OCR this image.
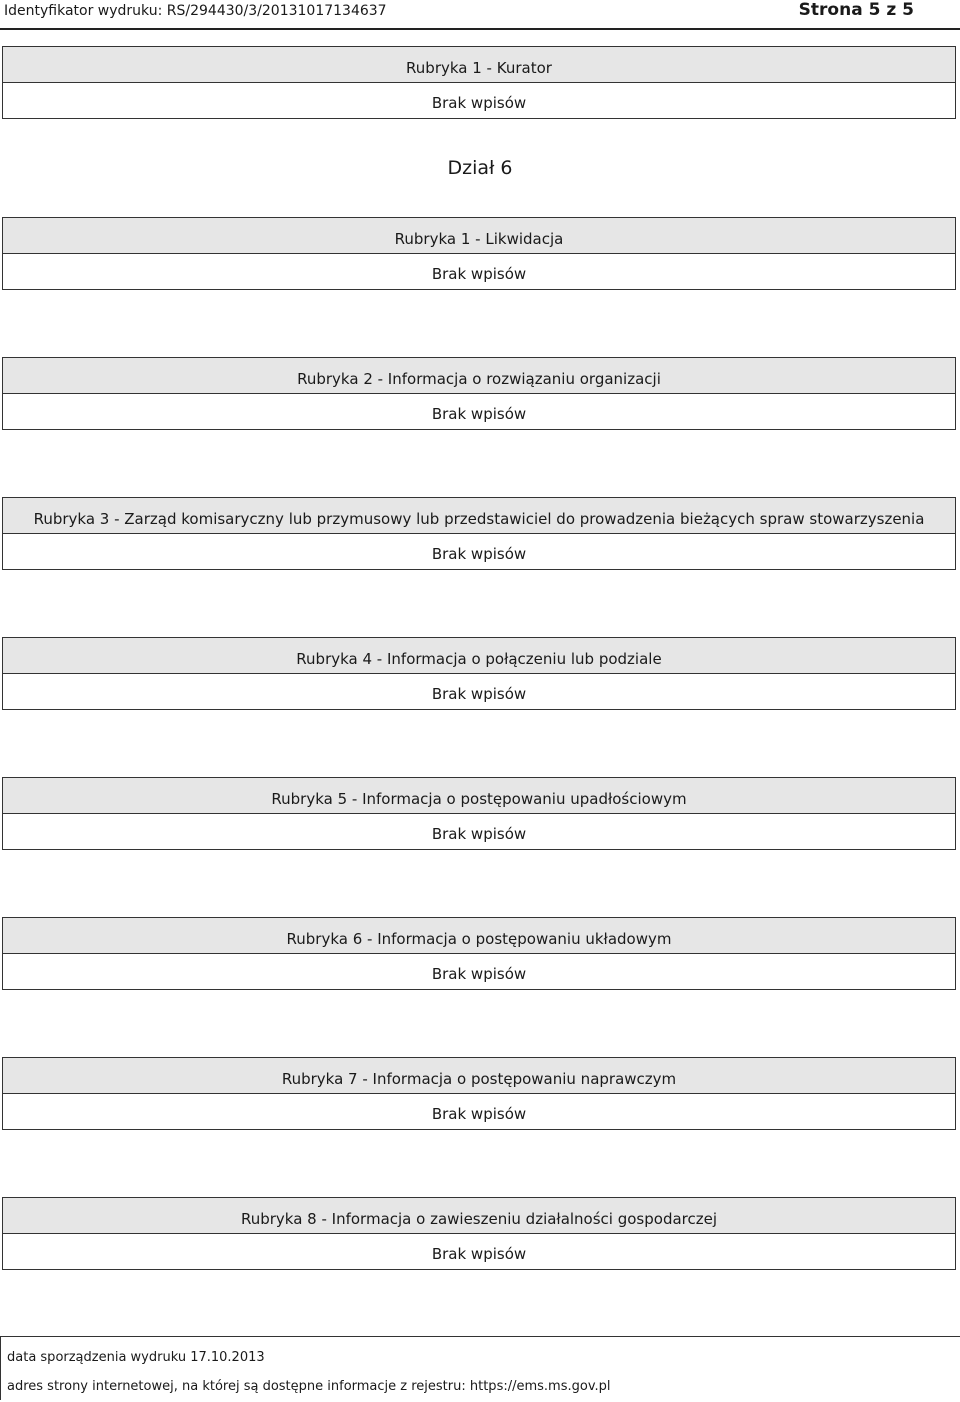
Identyfikator wydruku: RS/294430/3/20131017134637	Strona 5 z 5
Rubryka 1 - Kurator
Brak wpisów
Dział 6
Rubryka 1 - Likwidacja
Brak wpisów
Rubryka 2 - Informacja o rozwiązaniu organizacji
Brak wpisów
Rubryka 3 - Zarząd komisaryczny lub przymusowy lub przedstawiciel do prowadzenia bieżących spraw stowarzyszenia
Brak wpisów
Rubryka 4 - Informacja o połączeniu lub podziale
Brak wpisów
Rubryka 5 - Informacja o postępowaniu upadłościowym
Brak wpisów
Rubryka 6 - Informacja o postępowaniu układowym
Brak wpisów
Rubryka 7 - Informacja o postępowaniu naprawczym
Brak wpisów
Rubryka 8 - Informacja o zawieszeniu działalności gospodarczej
Brak wpisów
data sporządzenia wydruku 17.10.2013
adres strony internetowej, na której są dostępne informacje z rejestru: https://ems.ms.gov.pl
